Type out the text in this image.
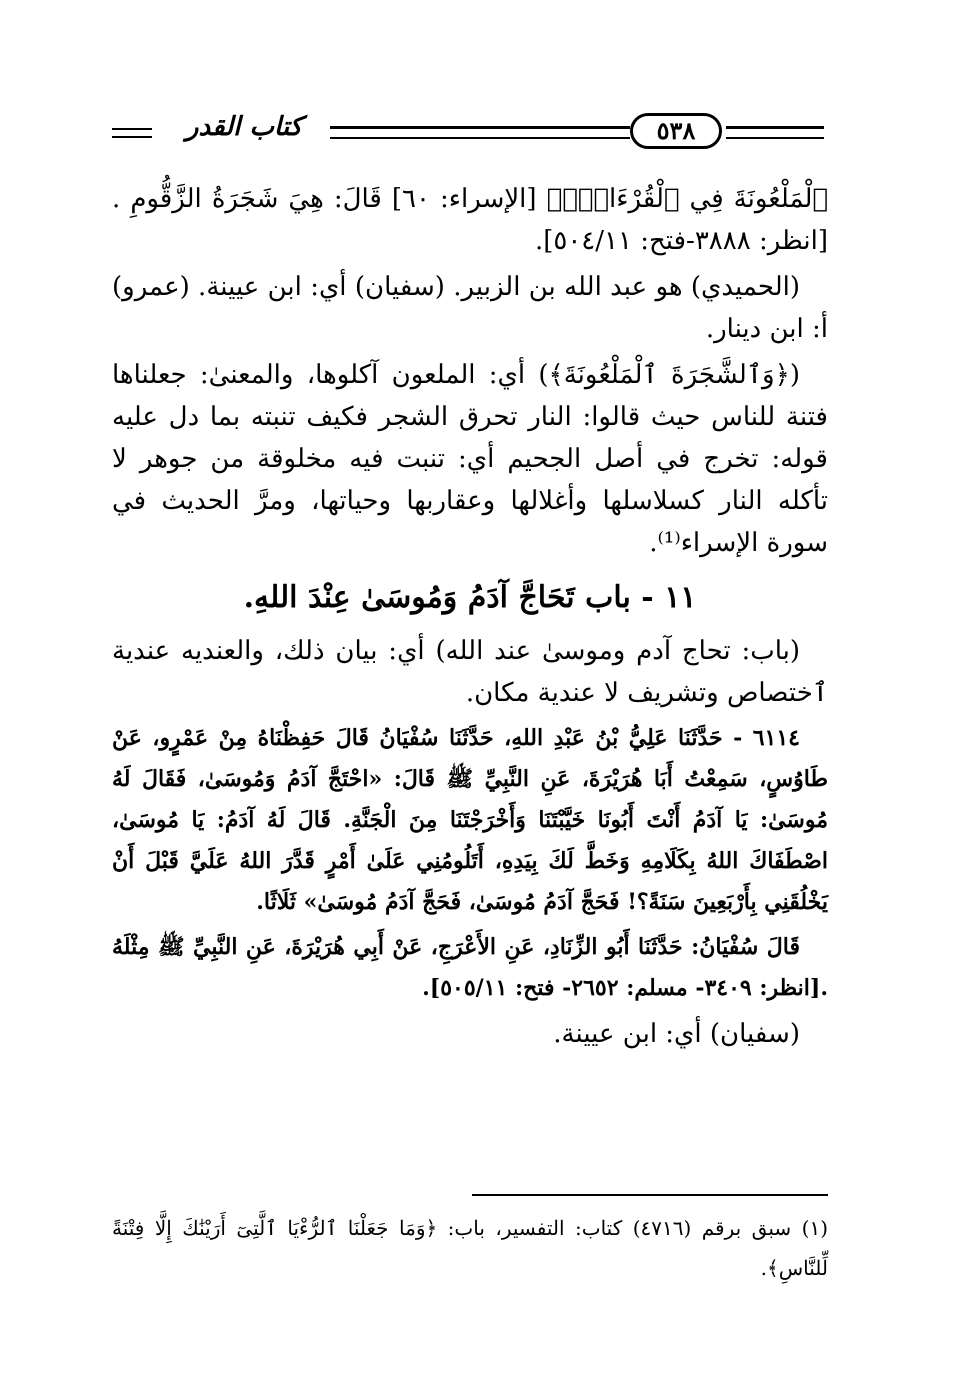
كتاب القدر	٥٣٨

ٱلْمَلْعُونَةَ فِي ٱلْقُرْءَانِۚ﴾ [الإسراء: ٦٠] قَالَ: هِيَ شَجَرَةُ الزَّقُّومِ .[انظر: ٣٨٨٨-فتح: ٥٠٤/١١].

(الحميدي) هو عبد الله بن الزبير. (سفيان) أي: ابن عيينة. (عمرو) أ: ابن دينار.

(﴿وَٱلشَّجَرَةَ ٱلْمَلْعُونَةَ﴾) أي: الملعون آكلوها، والمعنىٰ: جعلناها فتنة للناس حيث قالوا: النار تحرق الشجر فكيف تنبته بما دل عليه قوله: تخرج في أصل الجحيم أي: تنبت فيه مخلوقة من جوهر لا تأكله النار كسلاسلها وأغلالها وعقاربها وحياتها، ومرَّ الحديث في سورة الإسراء⁽¹⁾.

١١ - باب تَحَاجَّ آدَمُ وَمُوسَىٰ عِنْدَ اللهِ.

(باب: تحاج آدم وموسىٰ عند الله) أي: بيان ذلك، والعنديه عندية ٱختصاص وتشريف لا عندية مكان.

٦١١٤ - حَدَّثَنَا عَلِيُّ بْنُ عَبْدِ اللهِ، حَدَّثَنَا سُفْيَانُ قَالَ حَفِظْنَاهُ مِنْ عَمْرٍو، عَنْ طَاوُسٍ، سَمِعْتُ أَبَا هُرَيْرَةَ، عَنِ النَّبِيِّ ﷺ قَالَ: «احْتَجَّ آدَمُ وَمُوسَىٰ، فَقَالَ لَهُ مُوسَىٰ: يَا آدَمُ أَنْتَ أَبُونَا خَيَّبْتَنَا وَأَخْرَجْتَنَا مِنَ الْجَنَّةِ. قَالَ لَهُ آدَمُ: يَا مُوسَىٰ، اصْطَفَاكَ اللهُ بِكَلَامِهِ وَخَطَّ لَكَ بِيَدِهِ، أَتَلُومُنِي عَلَىٰ أَمْرٍ قَدَّرَ اللهُ عَلَيَّ قَبْلَ أَنْ يَخْلُقَنِي بِأَرْبَعِينَ سَنَةً؟! فَحَجَّ آدَمُ مُوسَىٰ، فَحَجَّ آدَمُ مُوسَىٰ» ثَلَاثًا.

قَالَ سُفْيَانُ: حَدَّثَنَا أَبُو الزِّنَادِ، عَنِ الأَعْرَجِ، عَنْ أَبِي هُرَيْرَةَ، عَنِ النَّبِيِّ ﷺ مِثْلَهُ .[انظر: ٣٤٠٩- مسلم: ٢٦٥٢- فتح: ٥٠٥/١١].

(سفيان) أي: ابن عيينة.

(١) سبق برقم (٤٧١٦) كتاب: التفسير، باب: ﴿وَمَا جَعَلْنَا ٱلرُّءْيَا ٱلَّتِىٓ أَرَيْنَٰكَ إِلَّا فِتْنَةً لِّلنَّاسِ﴾.
